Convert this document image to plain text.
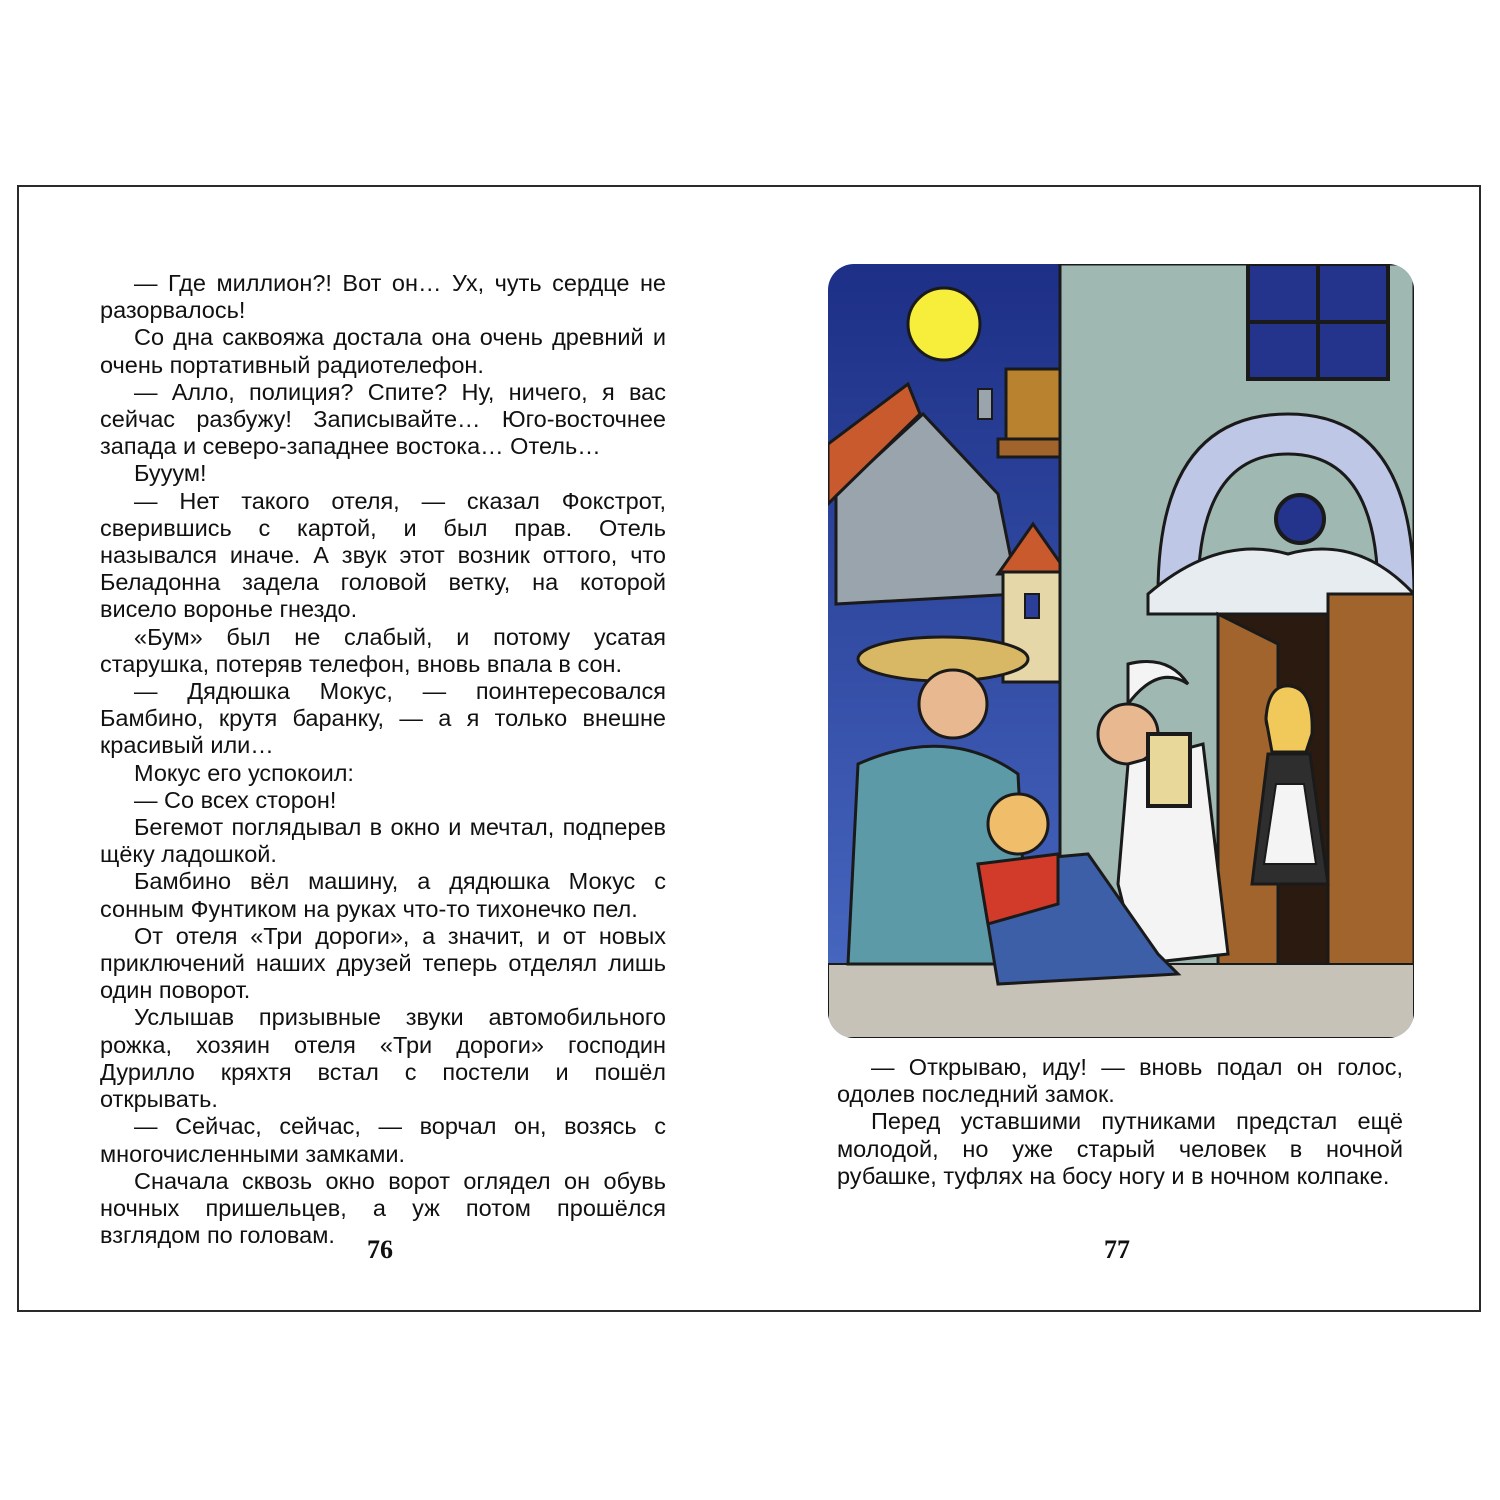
— Где миллион?! Вот он… Ух, чуть сердце не разорвалось!

Со дна саквояжа достала она очень древний и очень портативный радиотелефон.

— Алло, полиция? Спите? Ну, ничего, я вас сейчас разбужу! Записывайте… Юго-восточнее запада и северо-западнее востока… Отель…

Бууум!

— Нет такого отеля, — сказал Фокстрот, сверившись с картой, и был прав. Отель назывался иначе. А звук этот возник оттого, что Беладонна задела головой ветку, на которой висело воронье гнездо.

«Бум» был не слабый, и потому усатая старушка, потеряв телефон, вновь впала в сон.

— Дядюшка Мокус, — поинтересовался Бамбино, крутя баранку, — а я только внешне красивый или…

Мокус его успокоил:

— Со всех сторон!

Бегемот поглядывал в окно и мечтал, подперев щёку ладошкой.

Бамбино вёл машину, а дядюшка Мокус с сонным Фунтиком на руках что-то тихонечко пел.

От отеля «Три дороги», а значит, и от новых приключений наших друзей теперь отделял лишь один поворот.

Услышав призывные звуки автомобильного рожка, хозяин отеля «Три дороги» господин Дурилло кряхтя встал с постели и пошёл открывать.

— Сейчас, сейчас, — ворчал он, возясь с многочисленными замками.

Сначала сквозь окно ворот оглядел он обувь ночных пришельцев, а уж потом прошёлся взглядом по головам.	76

— Открываю, иду! — вновь подал он голос, одолев последний замок.

Перед уставшими путниками предстал ещё молодой, но уже старый человек в ночной рубашке, туфлях на босу ногу и в ночном колпаке.

77
